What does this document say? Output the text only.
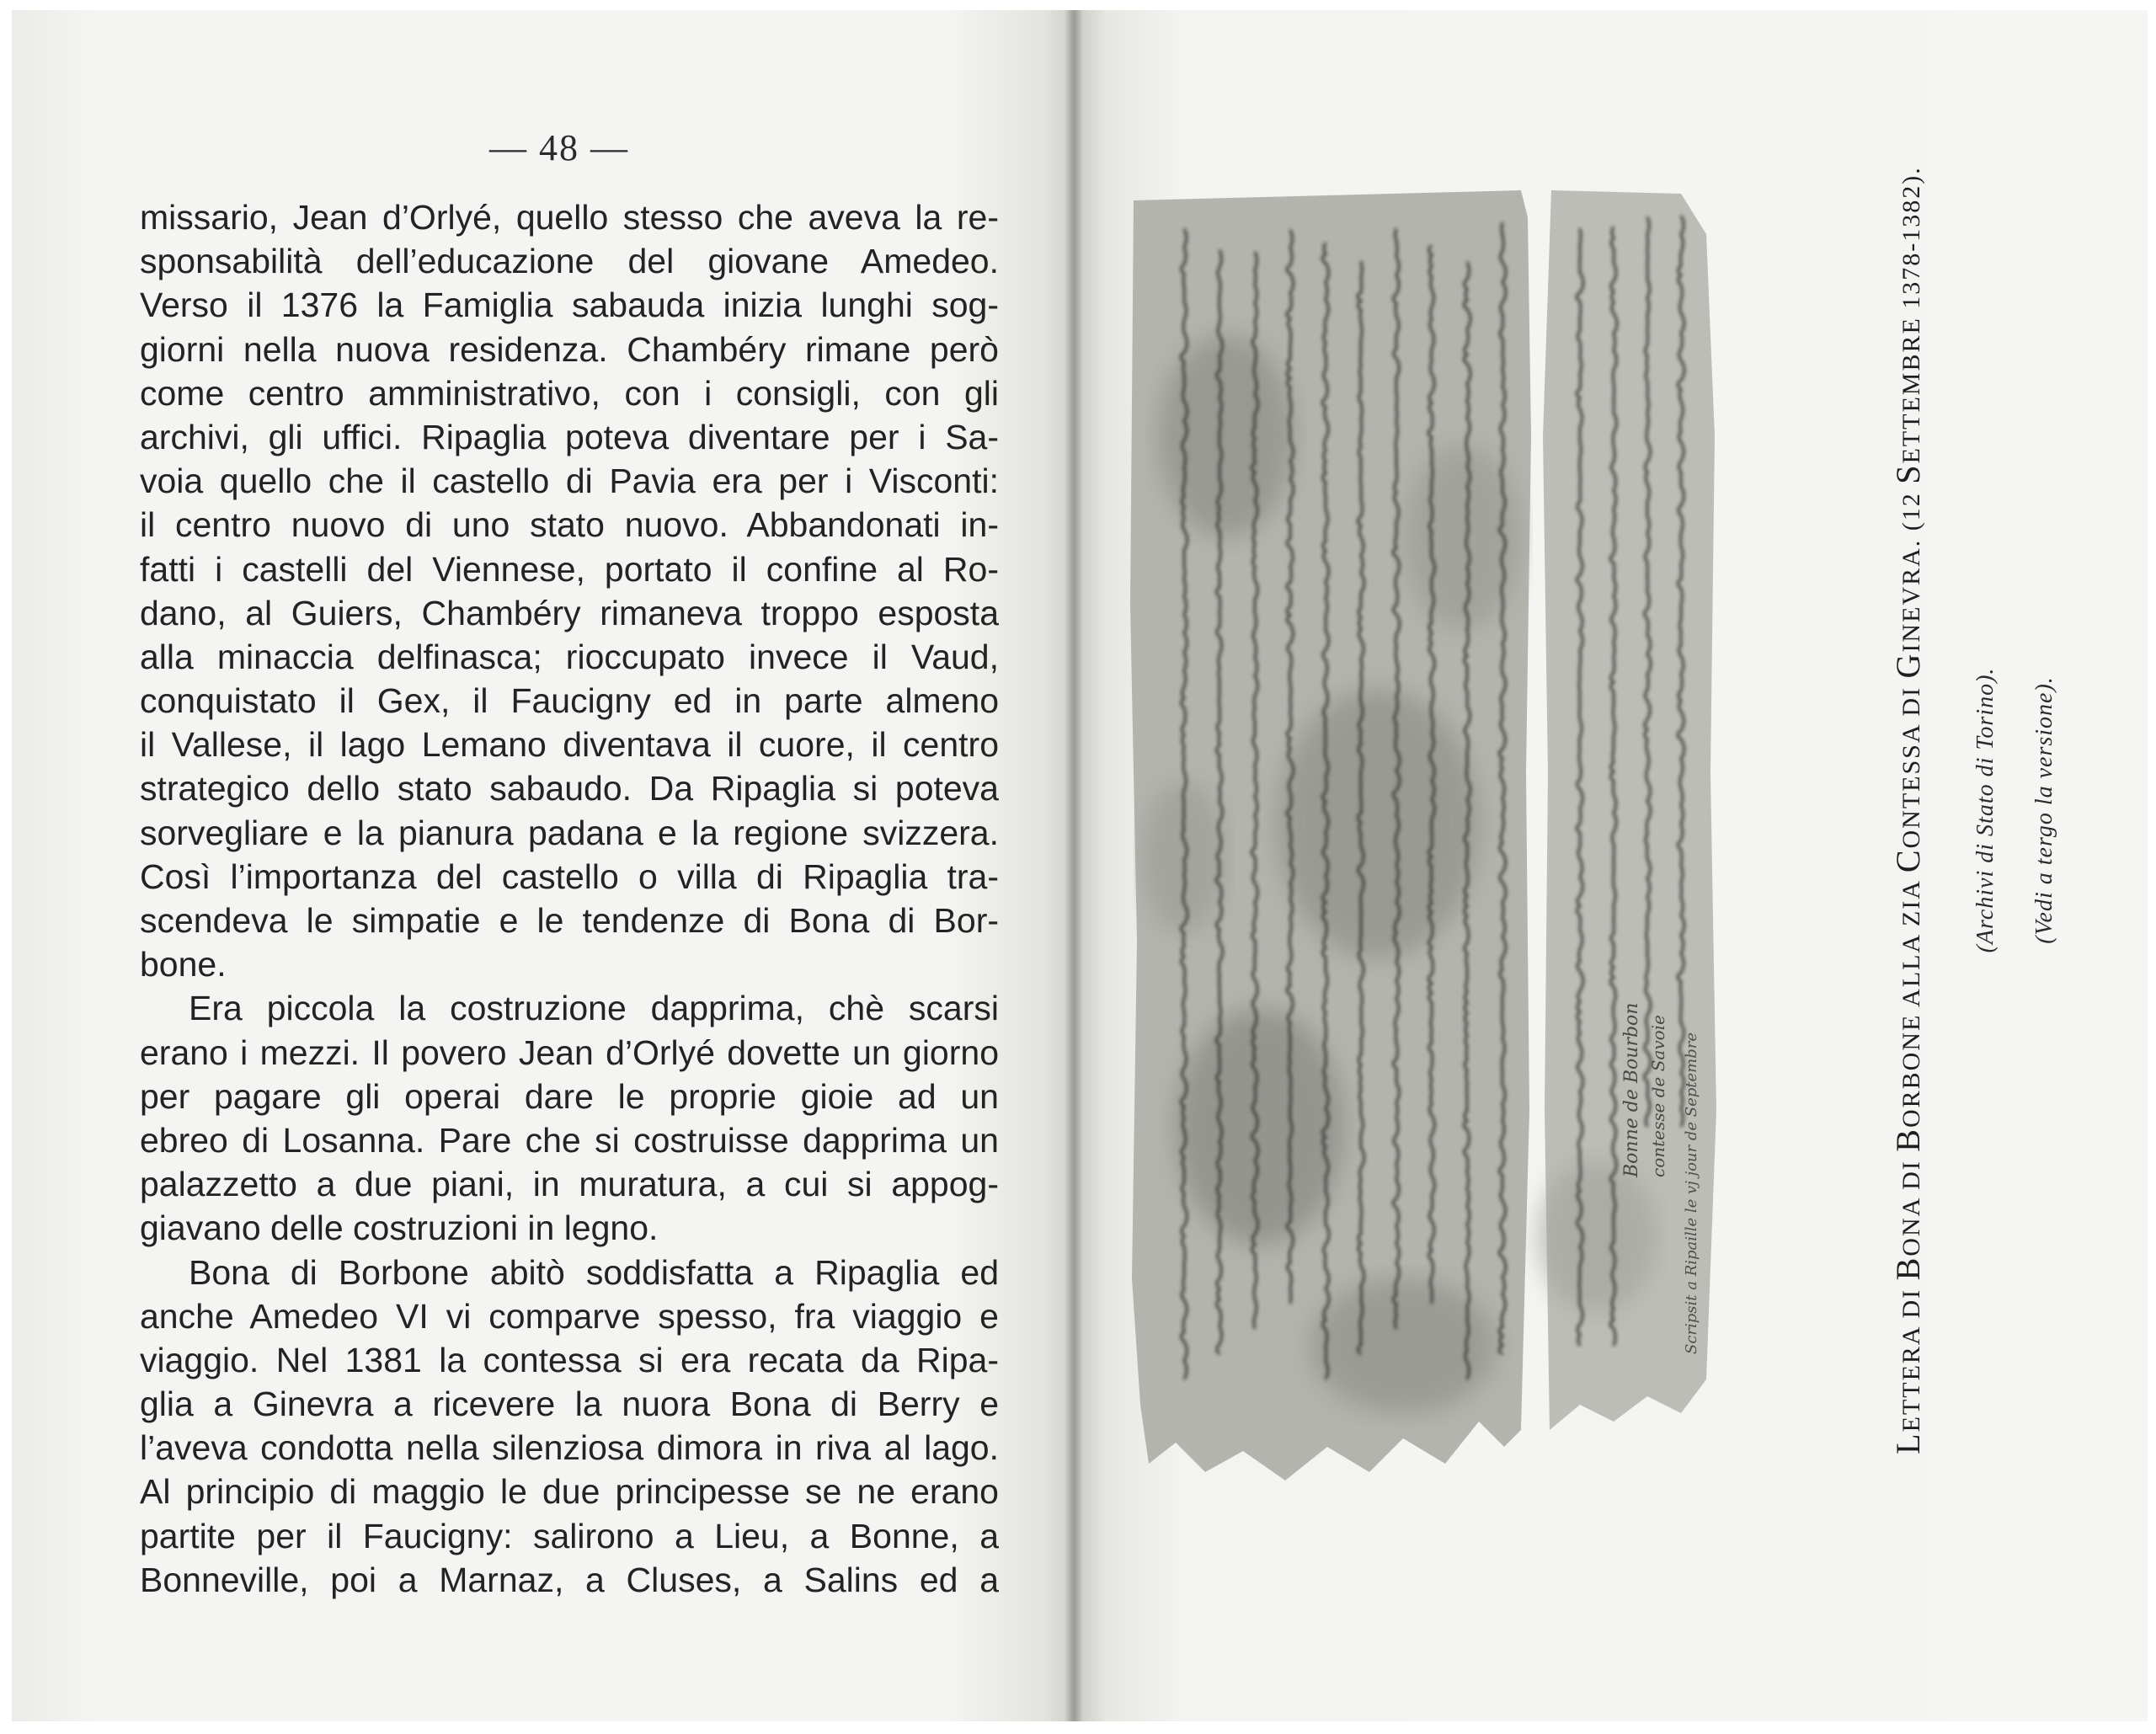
— 48 —
missario, Jean d’Orlyé, quello stesso che aveva la re-
sponsabilità dell’educazione del giovane Amedeo.
Verso il 1376 la Famiglia sabauda inizia lunghi sog-
giorni nella nuova residenza. Chambéry rimane però
come centro amministrativo, con i consigli, con gli
archivi, gli uffici. Ripaglia poteva diventare per i Sa-
voia quello che il castello di Pavia era per i Visconti:
il centro nuovo di uno stato nuovo. Abbandonati in-
fatti i castelli del Viennese, portato il confine al Ro-
dano, al Guiers, Chambéry rimaneva troppo esposta
alla minaccia delfinasca; rioccupato invece il Vaud,
conquistato il Gex, il Faucigny ed in parte almeno
il Vallese, il lago Lemano diventava il cuore, il centro
strategico dello stato sabaudo. Da Ripaglia si poteva
sorvegliare e la pianura padana e la regione svizzera.
Così l’importanza del castello o villa di Ripaglia tra-
scendeva le simpatie e le tendenze di Bona di Bor-
bone.
Era piccola la costruzione dapprima, chè scarsi
erano i mezzi. Il povero Jean d’Orlyé dovette un giorno
per pagare gli operai dare le proprie gioie ad un
ebreo di Losanna. Pare che si costruisse dapprima un
palazzetto a due piani, in muratura, a cui si appog-
giavano delle costruzioni in legno.
Bona di Borbone abitò soddisfatta a Ripaglia ed
anche Amedeo VI vi comparve spesso, fra viaggio e
viaggio. Nel 1381 la contessa si era recata da Ripa-
glia a Ginevra a ricevere la nuora Bona di Berry e
l’aveva condotta nella silenziosa dimora in riva al lago.
Al principio di maggio le due principesse se ne erano
partite per il Faucigny: salirono a Lieu, a Bonne, a
Bonneville, poi a Marnaz, a Cluses, a Salins ed a
Bonne de Bourbon contesse de Savoie Scripsit a Ripaille le vj jour de Septembre
LETTERA DI BONA DI BORBONE ALLA ZIA CONTESSA DI GINEVRA. (12 SETTEMBRE 1378-1382).
(Archivi di Stato di Torino). (Vedi a tergo la versione).
